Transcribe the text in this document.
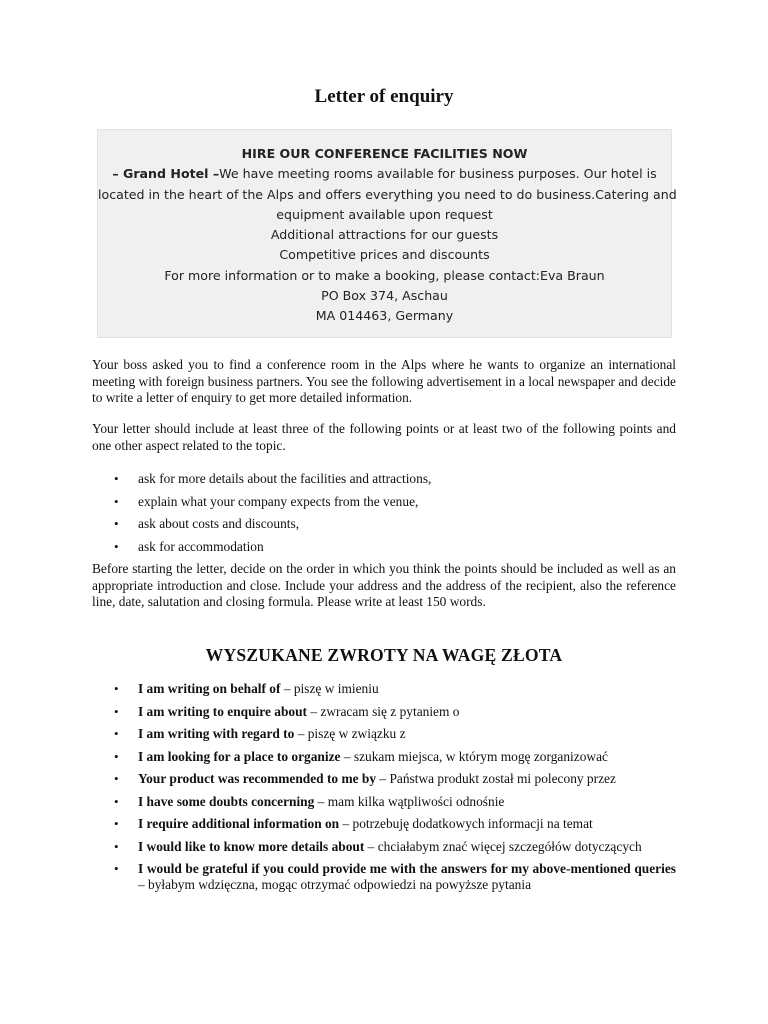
Letter of enquiry
HIRE OUR CONFERENCE FACILITIES NOW
– Grand Hotel –We have meeting rooms available for business purposes. Our hotel is
located in the heart of the Alps and offers everything you need to do business.Catering and
equipment available upon request
Additional attractions for our guests
Competitive prices and discounts
For more information or to make a booking, please contact:Eva Braun
PO Box 374, Aschau
MA 014463, Germany

Your boss asked you to find a conference room in the Alps where he wants to organize an international meeting with foreign business partners. You see the following advertisement in a local newspaper and decide to write a letter of enquiry to get more detailed information.

Your letter should include at least three of the following points or at least two of the following points and one other aspect related to the topic.

• ask for more details about the facilities and attractions,
• explain what your company expects from the venue,
• ask about costs and discounts,
• ask for accommodation

Before starting the letter, decide on the order in which you think the points should be included as well as an appropriate introduction and close. Include your address and the address of the recipient, also the reference line, date, salutation and closing formula. Please write at least 150 words.

WYSZUKANE ZWROTY NA WAGĘ ZŁOTA
• I am writing on behalf of – piszę w imieniu
• I am writing to enquire about – zwracam się z pytaniem o
• I am writing with regard to – piszę w związku z
• I am looking for a place to organize – szukam miejsca, w którym mogę zorganizować
• Your product was recommended to me by – Państwa produkt został mi polecony przez
• I have some doubts concerning – mam kilka wątpliwości odnośnie
• I require additional information on – potrzebuję dodatkowych informacji na temat
• I would like to know more details about – chciałabym znać więcej szczegółów dotyczących
• I would be grateful if you could provide me with the answers for my above-mentioned queries – byłabym wdzięczna, mogąc otrzymać odpowiedzi na powyższe pytania
